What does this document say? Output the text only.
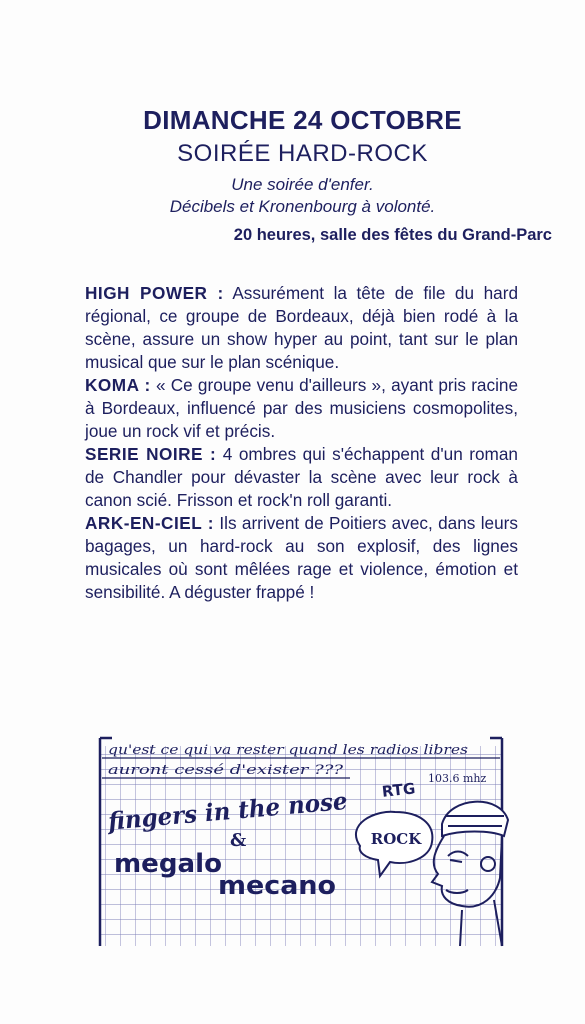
DIMANCHE 24 OCTOBRE
SOIRÉE HARD-ROCK
Une soirée d'enfer.
Décibels et Kronenbourg à volonté.
20 heures, salle des fêtes du Grand-Parc

HIGH POWER : Assurément la tête de file du hard régional, ce groupe de Bordeaux, déjà bien rodé à la scène, assure un show hyper au point, tant sur le plan musical que sur le plan scénique.

KOMA : « Ce groupe venu d'ailleurs », ayant pris racine à Bordeaux, influencé par des musiciens cosmopolites, joue un rock vif et précis.

SERIE NOIRE : 4 ombres qui s'échappent d'un roman de Chandler pour dévaster la scène avec leur rock à canon scié. Frisson et rock'n roll garanti.

ARK-EN-CIEL : Ils arrivent de Poitiers avec, dans leurs bagages, un hard-rock au son explosif, des lignes musicales où sont mêlées rage et violence, émotion et sensibilité. A déguster frappé !

qu'est ce qui va rester quand les radios libres
auront cessé d'exister ???
RTG
103.6 mhz
fingers in the nose
&
megalo
mecano
ROCK
